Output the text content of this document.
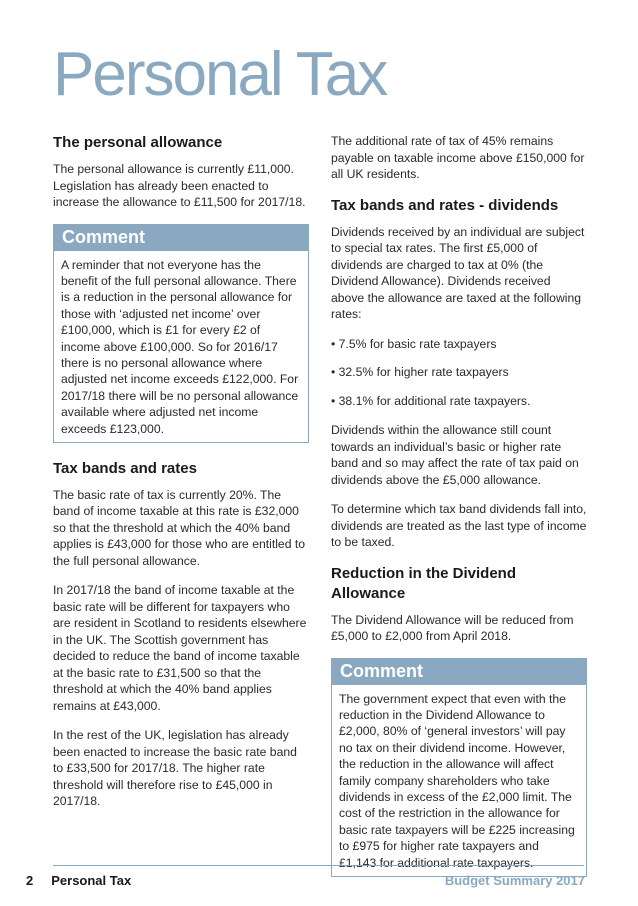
Personal Tax
The personal allowance

The personal allowance is currently £11,000. Legislation has already been enacted to increase the allowance to £11,500 for 2017/18.

Comment
A reminder that not everyone has the benefit of the full personal allowance. There is a reduction in the personal allowance for those with ‘adjusted net income’ over £100,000, which is £1 for every £2 of income above £100,000. So for 2016/17 there is no personal allowance where adjusted net income exceeds £122,000. For 2017/18 there will be no personal allowance available where adjusted net income exceeds £123,000.
Tax bands and rates

The basic rate of tax is currently 20%. The band of income taxable at this rate is £32,000 so that the threshold at which the 40% band applies is £43,000 for those who are entitled to the full personal allowance.

In 2017/18 the band of income taxable at the basic rate will be different for taxpayers who are resident in Scotland to residents elsewhere in the UK. The Scottish government has decided to reduce the band of income taxable at the basic rate to £31,500 so that the threshold at which the 40% band applies remains at £43,000.

In the rest of the UK, legislation has already been enacted to increase the basic rate band to £33,500 for 2017/18. The higher rate threshold will therefore rise to £45,000 in 2017/18.

The additional rate of tax of 45% remains payable on taxable income above £150,000 for all UK residents.

Tax bands and rates - dividends

Dividends received by an individual are subject to special tax rates. The first £5,000 of dividends are charged to tax at 0% (the Dividend Allowance). Dividends received above the allowance are taxed at the following rates:

• 7.5% for basic rate taxpayers
• 32.5% for higher rate taxpayers
• 38.1% for additional rate taxpayers.

Dividends within the allowance still count towards an individual’s basic or higher rate band and so may affect the rate of tax paid on dividends above the £5,000 allowance.

To determine which tax band dividends fall into, dividends are treated as the last type of income to be taxed.

Reduction in the Dividend Allowance

The Dividend Allowance will be reduced from £5,000 to £2,000 from April 2018.

Comment
The government expect that even with the reduction in the Dividend Allowance to £2,000, 80% of ‘general investors’ will pay no tax on their dividend income. However, the reduction in the allowance will affect family company shareholders who take dividends in excess of the £2,000 limit. The cost of the restriction in the allowance for basic rate taxpayers will be £225 increasing to £975 for higher rate taxpayers and £1,143 for additional rate taxpayers.
2 Personal Tax	Budget Summary 2017
